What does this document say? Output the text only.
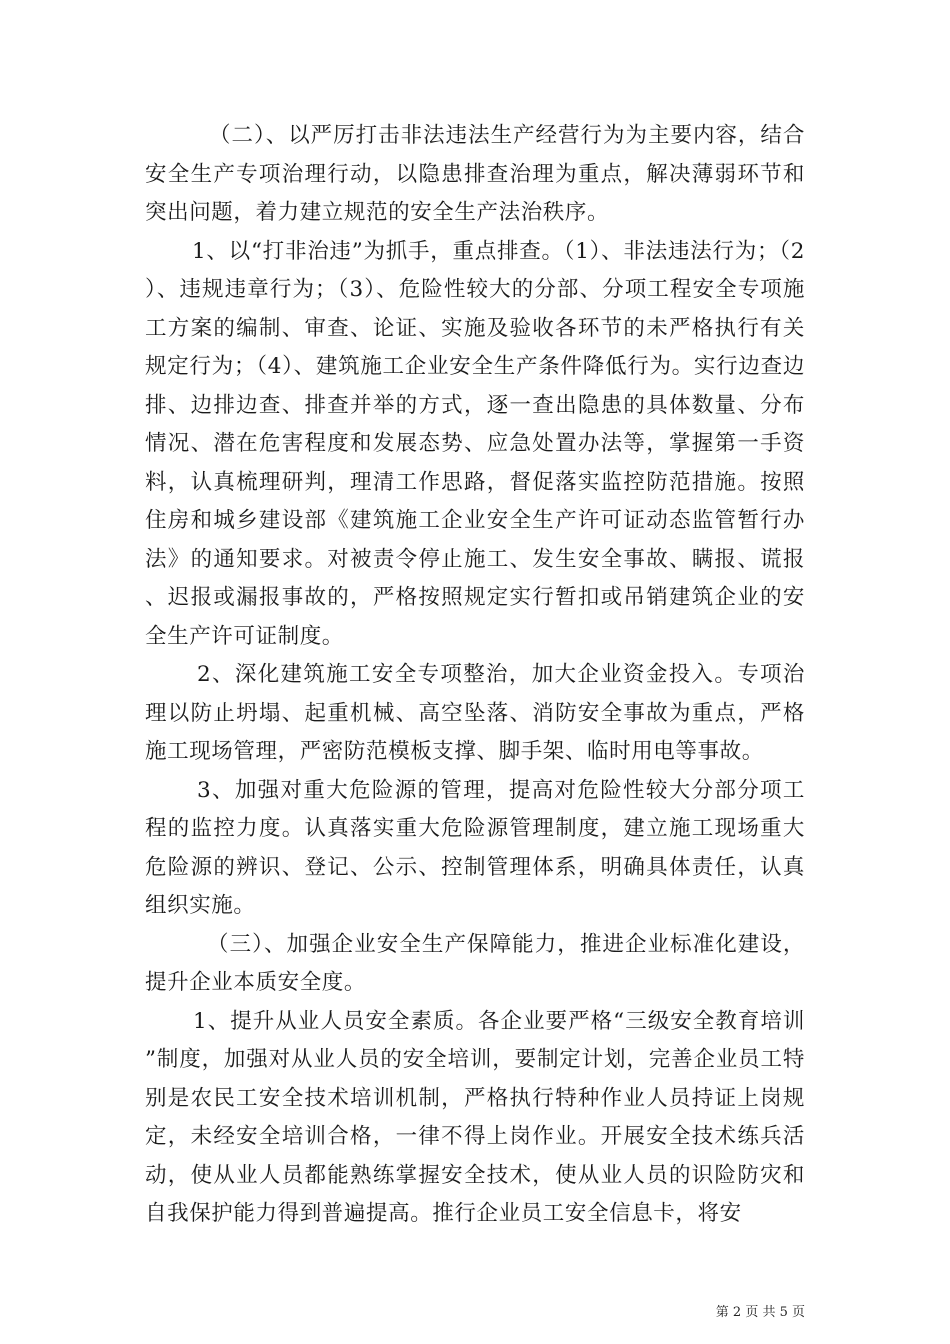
（二）、以严厉打击非法违法生产经营行为为主要内容，结合安全生产专项治理行动，以隐患排查治理为重点，解决薄弱环节和突出问题，着力建立规范的安全生产法治秩序。

1、以“打非治违”为抓手，重点排查。（1）、非法违法行为；（2）、违规违章行为；（3）、危险性较大的分部、分项工程安全专项施工方案的编制、审查、论证、实施及验收各环节的未严格执行有关规定行为；（4）、建筑施工企业安全生产条件降低行为。实行边查边排、边排边查、排查并举的方式，逐一查出隐患的具体数量、分布情况、潜在危害程度和发展态势、应急处置办法等，掌握第一手资料，认真梳理研判，理清工作思路，督促落实监控防范措施。按照住房和城乡建设部《建筑施工企业安全生产许可证动态监管暂行办法》的通知要求。对被责令停止施工、发生安全事故、瞒报、谎报、迟报或漏报事故的，严格按照规定实行暂扣或吊销建筑企业的安全生产许可证制度。

2、深化建筑施工安全专项整治，加大企业资金投入。专项治理以防止坍塌、起重机械、高空坠落、消防安全事故为重点，严格施工现场管理，严密防范模板支撑、脚手架、临时用电等事故。

3、加强对重大危险源的管理，提高对危险性较大分部分项工程的监控力度。认真落实重大危险源管理制度，建立施工现场重大危险源的辨识、登记、公示、控制管理体系，明确具体责任，认真组织实施。

（三）、加强企业安全生产保障能力，推进企业标准化建设，提升企业本质安全度。

1、提升从业人员安全素质。各企业要严格“三级安全教育培训”制度，加强对从业人员的安全培训，要制定计划，完善企业员工特别是农民工安全技术培训机制，严格执行特种作业人员持证上岗规定，未经安全培训合格，一律不得上岗作业。开展安全技术练兵活动，使从业人员都能熟练掌握安全技术，使从业人员的识险防灾和自我保护能力得到普遍提高。推行企业员工安全信息卡，将安

第 2 页 共 5 页
